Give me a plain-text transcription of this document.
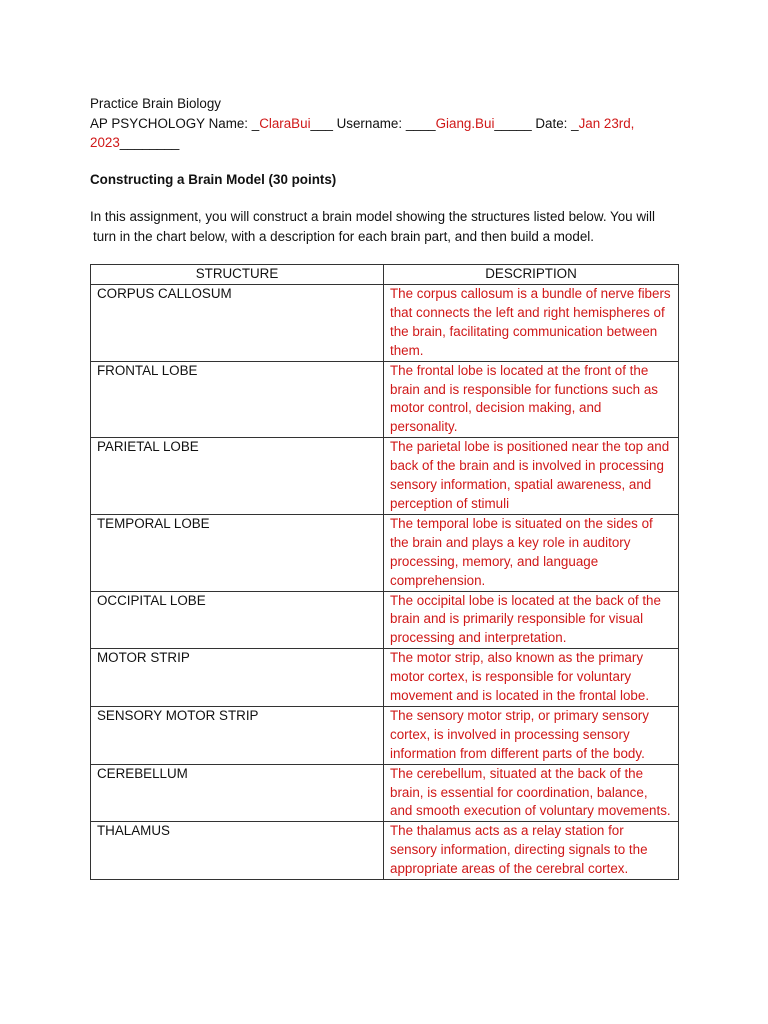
Practice Brain Biology
AP PSYCHOLOGY Name: _ClaraBui___ Username: ____Giang.Bui_____ Date: _Jan 23rd,
2023________
Constructing a Brain Model (30 points)
In this assignment, you will construct a brain model showing the structures listed below. You will
turn in the chart below, with a description for each brain part, and then build a model.
STRUCTURE	DESCRIPTION
CORPUS CALLOSUM	The corpus callosum is a bundle of nerve fibers that connects the left and right hemispheres of the brain, facilitating communication between them.
FRONTAL LOBE	The frontal lobe is located at the front of the brain and is responsible for functions such as motor control, decision making, and personality.
PARIETAL LOBE	The parietal lobe is positioned near the top and back of the brain and is involved in processing sensory information, spatial awareness, and perception of stimuli
TEMPORAL LOBE	The temporal lobe is situated on the sides of the brain and plays a key role in auditory processing, memory, and language comprehension.
OCCIPITAL LOBE	The occipital lobe is located at the back of the brain and is primarily responsible for visual processing and interpretation.
MOTOR STRIP	The motor strip, also known as the primary motor cortex, is responsible for voluntary movement and is located in the frontal lobe.
SENSORY MOTOR STRIP	The sensory motor strip, or primary sensory cortex, is involved in processing sensory information from different parts of the body.
CEREBELLUM	The cerebellum, situated at the back of the brain, is essential for coordination, balance, and smooth execution of voluntary movements.
THALAMUS	The thalamus acts as a relay station for sensory information, directing signals to the appropriate areas of the cerebral cortex.
